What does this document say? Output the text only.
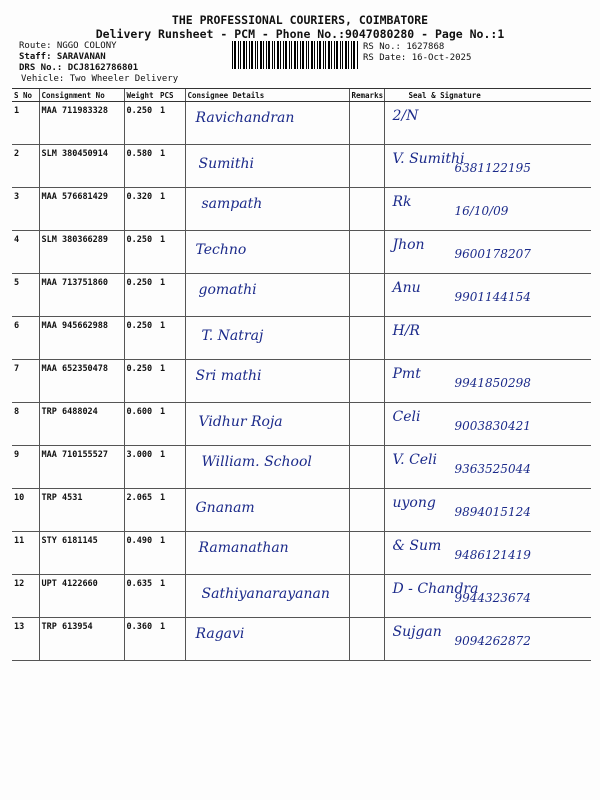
THE PROFESSIONAL COURIERS, COIMBATORE
Delivery Runsheet - PCM - Phone No.:9047080280 - Page No.:1
Route: NGGO COLONY
Staff: SARAVANAN
DRS No.: DCJ8162786801
Vehicle: Two Wheeler Delivery
RS No.: 1627868
RS Date: 16-Oct-2025
S No	Consignment No	Weight	PCS	Consignee Details	Remarks	Seal & Signature
1	MAA 711983328	0.250	1	Ravichandran		2/N

2	SLM 380450914	0.580	1	Sumithi		V. Sumithi
6381122195

3	MAA 576681429	0.320	1	sampath		Rk
16/10/09

4	SLM 380366289	0.250	1	Techno		Jhon
9600178207

5	MAA 713751860	0.250	1	gomathi		Anu
9901144154

6	MAA 945662988	0.250	1	T. Natraj		H/R

7	MAA 652350478	0.250	1	Sri mathi		Pmt
9941850298

8	TRP 6488024	0.600	1	Vidhur Roja		Celi
9003830421

9	MAA 710155527	3.000	1	William. School		V. Celi
9363525044

10	TRP 4531	2.065	1	Gnanam		uyong
9894015124

11	STY 6181145	0.490	1	Ramanathan		& Sum
9486121419

12	UPT 4122660	0.635	1	Sathiyanarayanan		D - Chandra
9944323674

13	TRP 613954	0.360	1	Ragavi		Sujgan
9094262872
